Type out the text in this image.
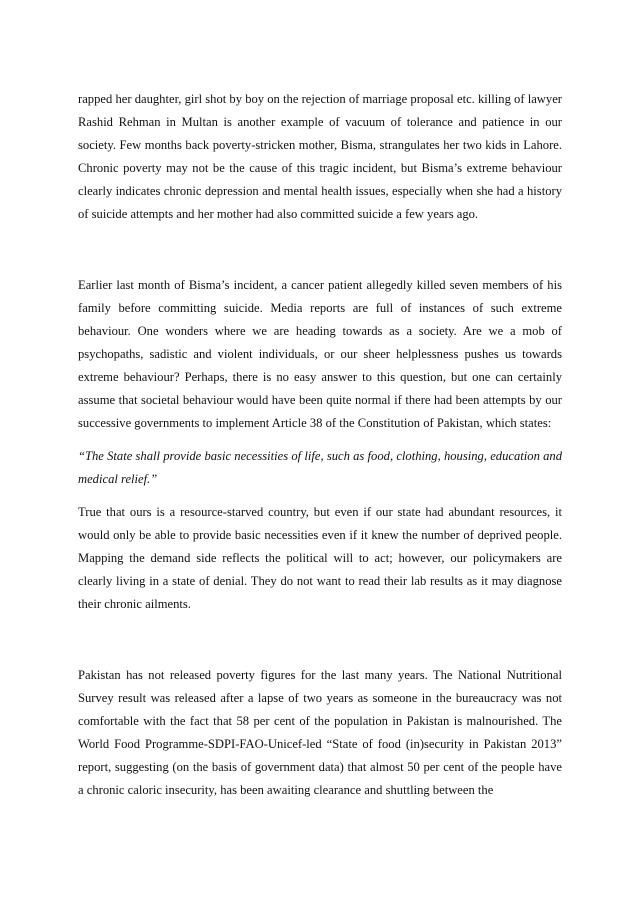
rapped her daughter, girl shot by boy on the rejection of marriage proposal etc. killing of lawyer Rashid Rehman in Multan is another example of vacuum of tolerance and patience in our society. Few months back poverty-stricken mother, Bisma, strangulates her two kids in Lahore. Chronic poverty may not be the cause of this tragic incident, but Bisma’s extreme behaviour clearly indicates chronic depression and mental health issues, especially when she had a history of suicide attempts and her mother had also committed suicide a few years ago.

Earlier last month of Bisma’s incident, a cancer patient allegedly killed seven members of his family before committing suicide. Media reports are full of instances of such extreme behaviour. One wonders where we are heading towards as a society. Are we a mob of psychopaths, sadistic and violent individuals, or our sheer helplessness pushes us towards extreme behaviour? Perhaps, there is no easy answer to this question, but one can certainly assume that societal behaviour would have been quite normal if there had been attempts by our successive governments to implement Article 38 of the Constitution of Pakistan, which states:

“The State shall provide basic necessities of life, such as food, clothing, housing, education and medical relief.”

True that ours is a resource-starved country, but even if our state had abundant resources, it would only be able to provide basic necessities even if it knew the number of deprived people. Mapping the demand side reflects the political will to act; however, our policymakers are clearly living in a state of denial. They do not want to read their lab results as it may diagnose their chronic ailments.

Pakistan has not released poverty figures for the last many years. The National Nutritional Survey result was released after a lapse of two years as someone in the bureaucracy was not comfortable with the fact that 58 per cent of the population in Pakistan is malnourished. The World Food Programme-SDPI-FAO-Unicef-led “State of food (in)security in Pakistan 2013” report, suggesting (on the basis of government data) that almost 50 per cent of the people have a chronic caloric insecurity, has been awaiting clearance and shuttling between the
